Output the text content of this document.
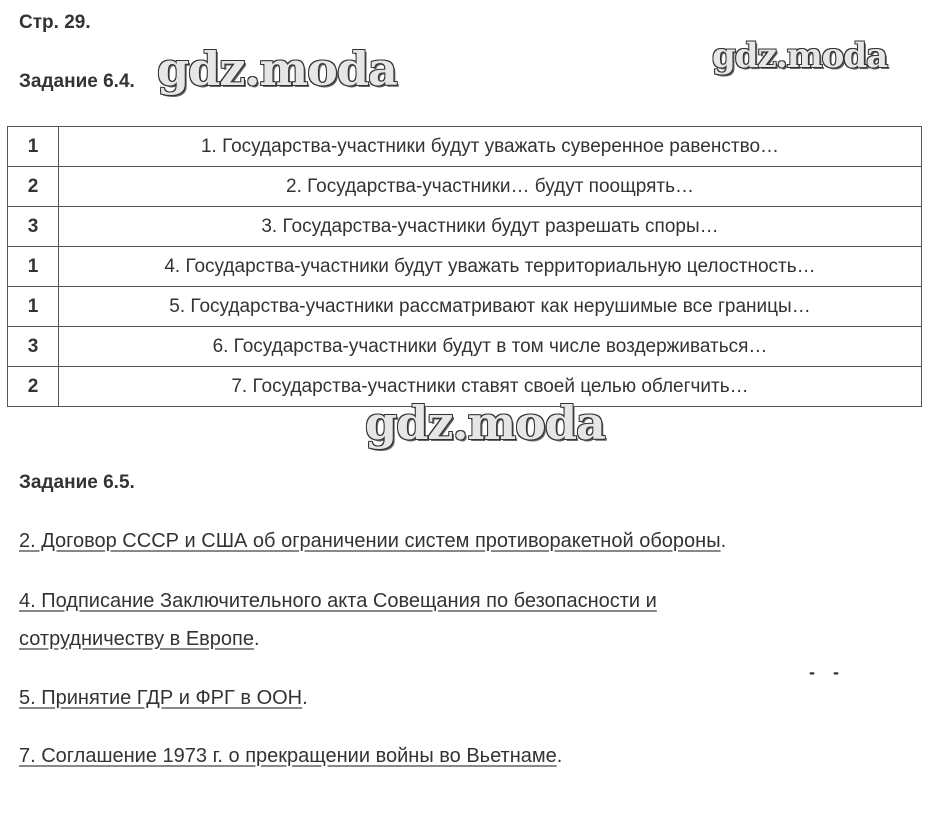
Стр. 29.

Задание 6.4. gdz.moda	gdz.moda

1	1. Государства-участники будут уважать суверенное равенство…
2	2. Государства-участники… будут поощрять…
3	3. Государства-участники будут разрешать споры…
1	4. Государства-участники будут уважать территориальную целостность…
1	5. Государства-участники рассматривают как нерушимые все границы…
3	6. Государства-участники будут в том числе воздерживаться…
2	7. Государства-участники ставят своей целью облегчить…

gdz.moda

Задание 6.5.

2. Договор СССР и США об ограничении систем противоракетной обороны.

4. Подписание Заключительного акта Совещания по безопасности и
сотрудничеству в Европе.

- -

5. Принятие ГДР и ФРГ в ООН.

7. Соглашение 1973 г. о прекращении войны во Вьетнаме.
